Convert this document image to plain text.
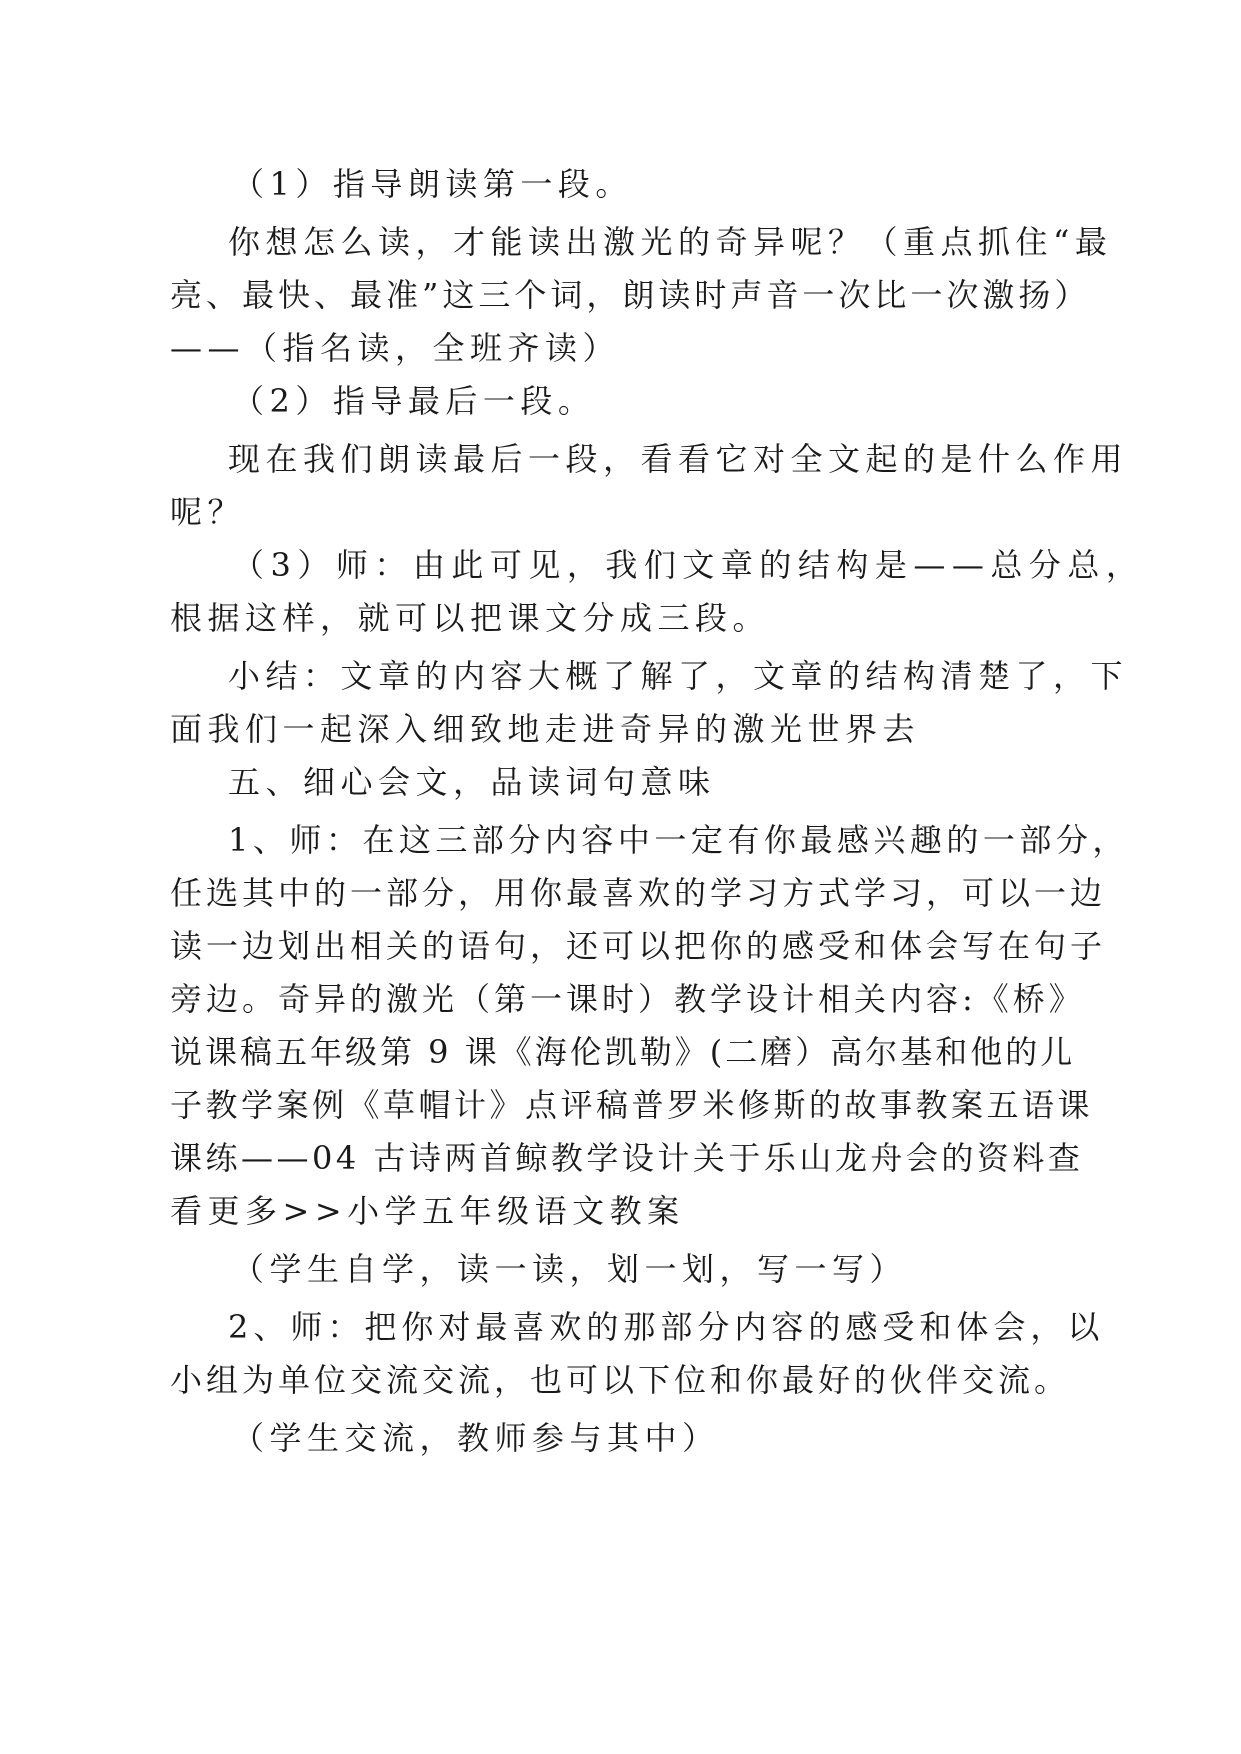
（1）指导朗读第一段。
你想怎么读，才能读出激光的奇异呢？（重点抓住“最
亮、最快、最准”这三个词，朗读时声音一次比一次激扬）
——（指名读，全班齐读）
（2）指导最后一段。
现在我们朗读最后一段，看看它对全文起的是什么作用
呢？
（3）师：由此可见，我们文章的结构是——总分总，
根据这样，就可以把课文分成三段。
小结：文章的内容大概了解了，文章的结构清楚了，下
面我们一起深入细致地走进奇异的激光世界去
五、细心会文，品读词句意味
1、师：在这三部分内容中一定有你最感兴趣的一部分，
任选其中的一部分，用你最喜欢的学习方式学习，可以一边
读一边划出相关的语句，还可以把你的感受和体会写在句子
旁边。奇异的激光（第一课时）教学设计相关内容:《桥》
说课稿五年级第 9 课《海伦凯勒》(二磨）高尔基和他的儿
子教学案例《草帽计》点评稿普罗米修斯的故事教案五语课
课练——04 古诗两首鲸教学设计关于乐山龙舟会的资料查
看更多>>小学五年级语文教案
（学生自学，读一读，划一划，写一写）
2、师：把你对最喜欢的那部分内容的感受和体会，以
小组为单位交流交流，也可以下位和你最好的伙伴交流。
（学生交流，教师参与其中）
